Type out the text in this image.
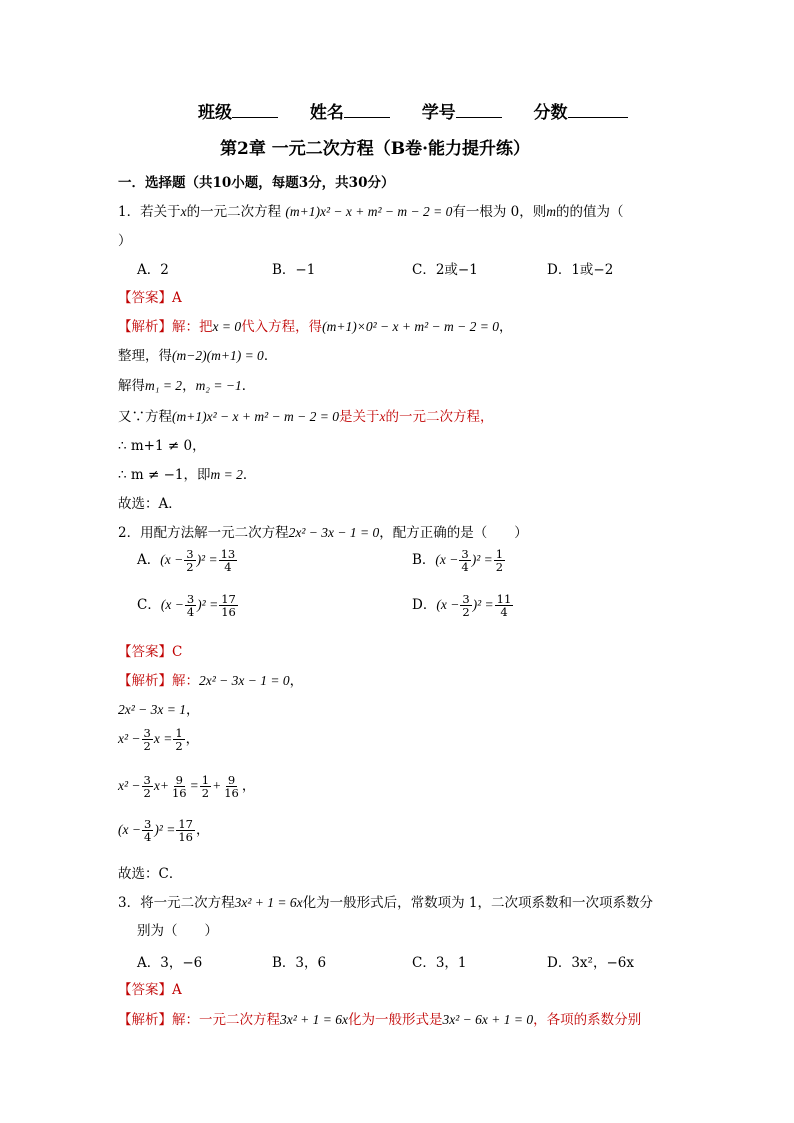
班级	姓名	学号	分数
第2章 一元二次方程（B卷·能力提升练）
一．选择题（共10小题，每题3分，共30分）
1．若关于x的一元二次方程 (m+1)x² − x + m² − m − 2 = 0有一根为 0，则m的的值为（
）
A．2	B．−1	C．2或−1	D．1或−2
【答案】A
【解析】解：把x = 0代入方程，得(m+1)×0² − x + m² − m − 2 = 0，
整理，得(m−2)(m+1) = 0．
解得m₁ = 2，m₂ = −1．
又∵方程(m+1)x² − x + m² − m − 2 = 0是关于x的一元二次方程，
∴ m+1 ≠ 0，
∴ m ≠ −1，即m = 2．
故选：A．
2．用配方法解一元二次方程2x² − 3x − 1 = 0，配方正确的是（　　）
A．$(x - \frac{3}{2} )^2 = \frac{13}{4}$	B．$(x - \frac{3}{4} )^2 = \frac{1}{2}$
C．$(x - \frac{3}{4} )^2 = \frac{17}{16}$	D．$(x - \frac{3}{2} )^2 = \frac{11}{4}$
【答案】C
【解析】解：2x² − 3x − 1 = 0，
2x² − 3x = 1，
$x^2 - \frac{3}{2}$ $x = \frac{1}{2}$ ，
$x^2 - \frac{3}{2} x+ \frac{9}{16} = \frac{1}{2} + \frac{9}{16}$ ，
$(x - \frac{3}{4} )^2 = \frac{17}{16}$ ，
故选：C．
3．将一元二次方程3x² + 1 = 6x化为一般形式后，常数项为 1，二次项系数和一次项系数分
别为（　　）
A．3，−6	B．3，6	C．3，1	D．3x²，−6x
【答案】A
【解析】解：一元二次方程3x² + 1 = 6x化为一般形式是3x² − 6x + 1 = 0，各项的系数分别
